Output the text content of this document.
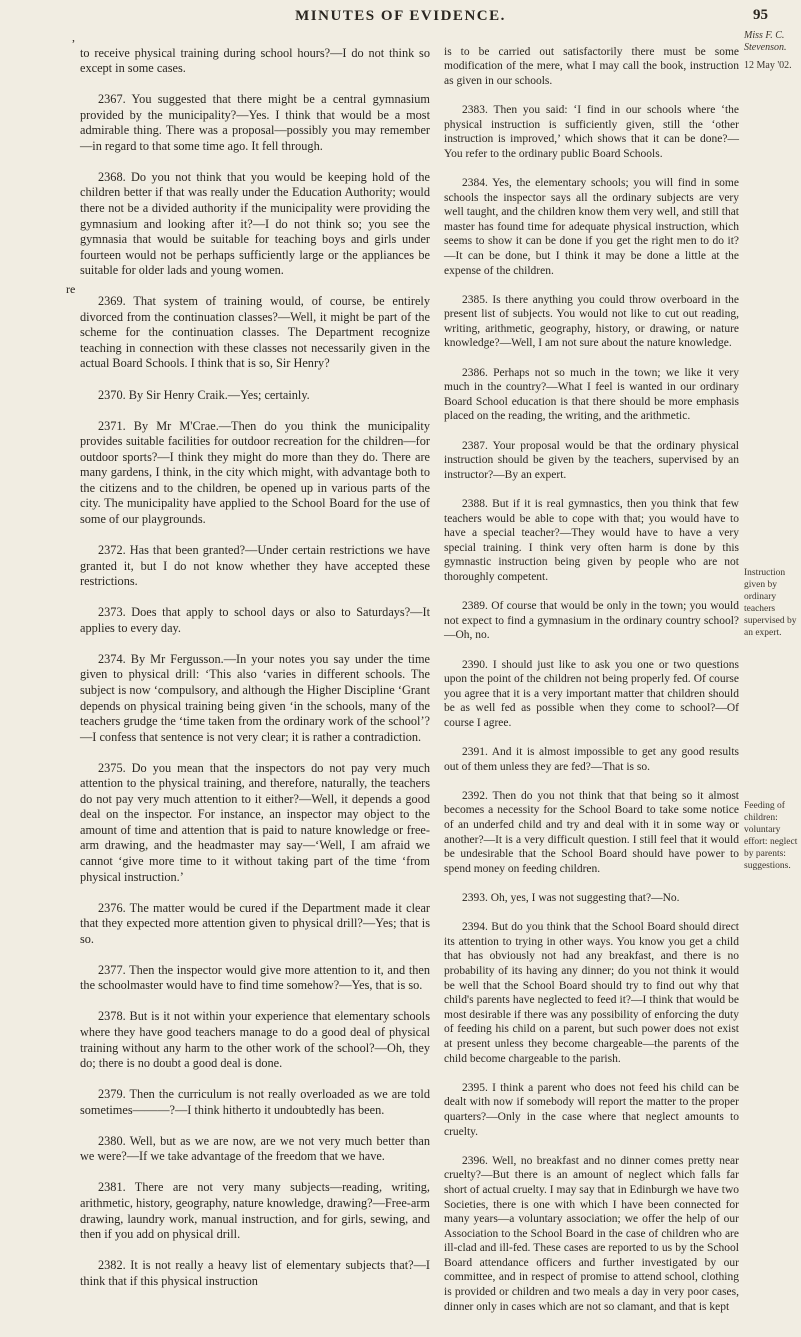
MINUTES OF EVIDENCE.	95
,
re

to receive physical training during school hours?—I do not think so except in some cases.

2367. You suggested that there might be a central gymnasium provided by the municipality?—Yes. I think that would be a most admirable thing. There was a proposal—possibly you may remember—in regard to that some time ago. It fell through.

2368. Do you not think that you would be keeping hold of the children better if that was really under the Education Authority; would there not be a divided authority if the municipality were providing the gymnasium and looking after it?—I do not think so; you see the gymnasia that would be suitable for teaching boys and girls under fourteen would not be perhaps sufficiently large or the appliances be suitable for older lads and young women.

2369. That system of training would, of course, be entirely divorced from the continuation classes?—Well, it might be part of the scheme for the continuation classes. The Department recognize teaching in connection with these classes not necessarily given in the actual Board Schools. I think that is so, Sir Henry?

2370. By Sir Henry Craik.—Yes; certainly.

2371. By Mr M'Crae.—Then do you think the municipality provides suitable facilities for outdoor recreation for the children—for outdoor sports?—I think they might do more than they do. There are many gardens, I think, in the city which might, with advantage both to the citizens and to the children, be opened up in various parts of the city. The municipality have applied to the School Board for the use of some of our playgrounds.

2372. Has that been granted?—Under certain restrictions we have granted it, but I do not know whether they have accepted these restrictions.

2373. Does that apply to school days or also to Saturdays?—It applies to every day.

2374. By Mr Fergusson.—In your notes you say under the time given to physical drill: ‘This also ‘varies in different schools. The subject is now ‘compulsory, and although the Higher Discipline ‘Grant depends on physical training being given ‘in the schools, many of the teachers grudge the ‘time taken from the ordinary work of the school’?—I confess that sentence is not very clear; it is rather a contradiction.

2375. Do you mean that the inspectors do not pay very much attention to the physical training, and therefore, naturally, the teachers do not pay very much attention to it either?—Well, it depends a good deal on the inspector. For instance, an inspector may object to the amount of time and attention that is paid to nature knowledge or free-arm drawing, and the headmaster may say—‘Well, I am afraid we cannot ‘give more time to it without taking part of the time ‘from physical instruction.’

2376. The matter would be cured if the Department made it clear that they expected more attention given to physical drill?—Yes; that is so.

2377. Then the inspector would give more attention to it, and then the schoolmaster would have to find time somehow?—Yes, that is so.

2378. But is it not within your experience that elementary schools where they have good teachers manage to do a good deal of physical training without any harm to the other work of the school?—Oh, they do; there is no doubt a good deal is done.

2379. Then the curriculum is not really overloaded as we are told sometimes———?—I think hitherto it undoubtedly has been.

2380. Well, but as we are now, are we not very much better than we were?—If we take advantage of the freedom that we have.

2381. There are not very many subjects—reading, writing, arithmetic, history, geography, nature knowledge, drawing?—Free-arm drawing, laundry work, manual instruction, and for girls, sewing, and then if you add on physical drill.

2382. It is not really a heavy list of elementary subjects that?—I think that if this physical instruction

is to be carried out satisfactorily there must be some modification of the mere, what I may call the book, instruction as given in our schools.

2383. Then you said: ‘I find in our schools where ‘the physical instruction is sufficiently given, still the ‘other instruction is improved,’ which shows that it can be done?—You refer to the ordinary public Board Schools.

2384. Yes, the elementary schools; you will find in some schools the inspector says all the ordinary subjects are very well taught, and the children know them very well, and still that master has found time for adequate physical instruction, which seems to show it can be done if you get the right men to do it?—It can be done, but I think it may be done a little at the expense of the children.

2385. Is there anything you could throw overboard in the present list of subjects. You would not like to cut out reading, writing, arithmetic, geography, history, or drawing, or nature knowledge?—Well, I am not sure about the nature knowledge.

2386. Perhaps not so much in the town; we like it very much in the country?—What I feel is wanted in our ordinary Board School education is that there should be more emphasis placed on the reading, the writing, and the arithmetic.

2387. Your proposal would be that the ordinary physical instruction should be given by the teachers, supervised by an instructor?—By an expert.

2388. But if it is real gymnastics, then you think that few teachers would be able to cope with that; you would have to have a special teacher?—They would have to have a very special training. I think very often harm is done by this gymnastic instruction being given by people who are not thoroughly competent.

2389. Of course that would be only in the town; you would not expect to find a gymnasium in the ordinary country school?—Oh, no.

2390. I should just like to ask you one or two questions upon the point of the children not being properly fed. Of course you agree that it is a very important matter that children should be as well fed as possible when they come to school?—Of course I agree.

2391. And it is almost impossible to get any good results out of them unless they are fed?—That is so.

2392. Then do you not think that that being so it almost becomes a necessity for the School Board to take some notice of an underfed child and try and deal with it in some way or another?—It is a very difficult question. I still feel that it would be undesirable that the School Board should have power to spend money on feeding children.

2393. Oh, yes, I was not suggesting that?—No.

2394. But do you think that the School Board should direct its attention to trying in other ways. You know you get a child that has obviously not had any breakfast, and there is no probability of its having any dinner; do you not think it would be well that the School Board should try to find out why that child's parents have neglected to feed it?—I think that would be most desirable if there was any possibility of enforcing the duty of feeding his child on a parent, but such power does not exist at present unless they become chargeable—the parents of the child become chargeable to the parish.

2395. I think a parent who does not feed his child can be dealt with now if somebody will report the matter to the proper quarters?—Only in the case where that neglect amounts to cruelty.

2396. Well, no breakfast and no dinner comes pretty near cruelty?—But there is an amount of neglect which falls far short of actual cruelty. I may say that in Edinburgh we have two Societies, there is one with which I have been connected for many years—a voluntary association; we offer the help of our Association to the School Board in the case of children who are ill-clad and ill-fed. These cases are reported to us by the School Board attendance officers and further investigated by our committee, and in respect of promise to attend school, clothing is provided or children and two meals a day in very poor cases, dinner only in cases which are not so clamant, and that is kept

Miss F. C. Stevenson.
12 May '02.
Instruction given by ordinary teachers supervised by an expert.
Feeding of children: voluntary effort: neglect by parents: suggestions.
